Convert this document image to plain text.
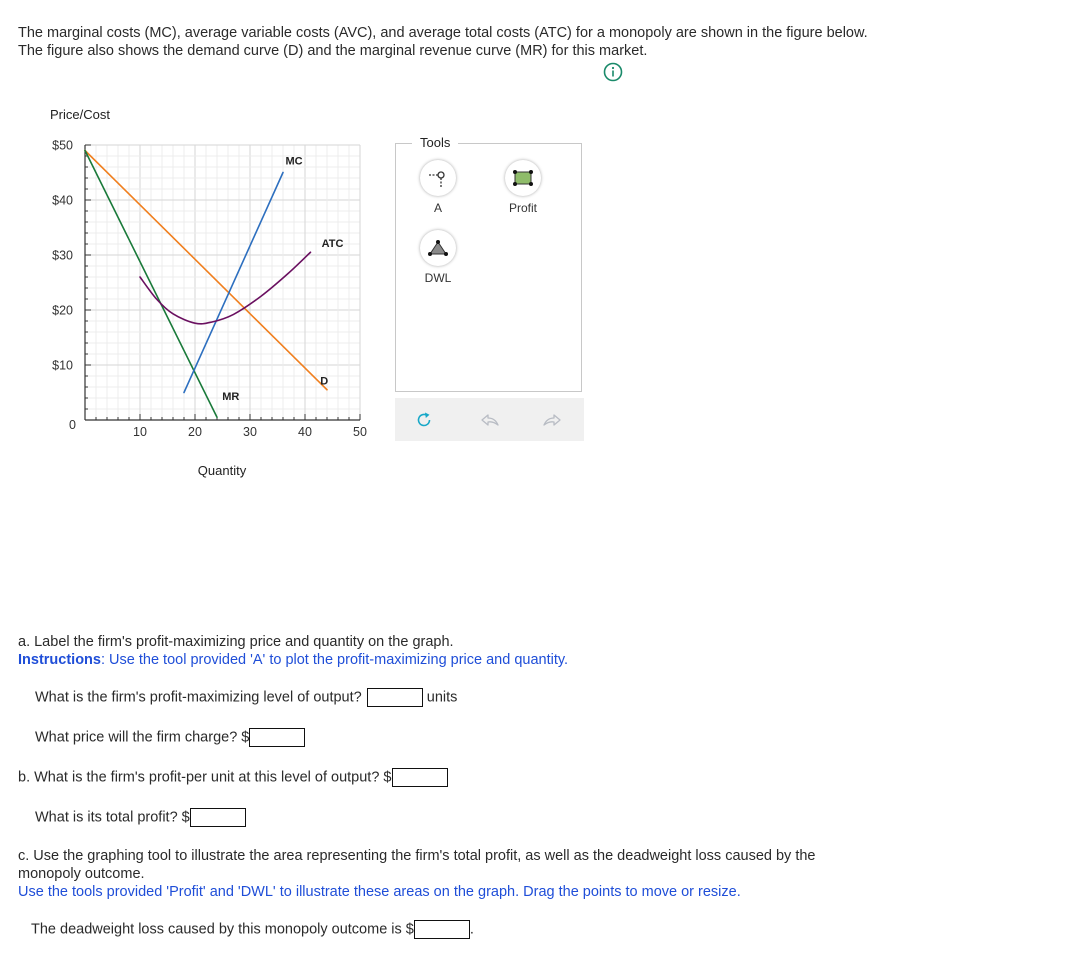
The marginal costs (MC), average variable costs (AVC), and average total costs (ATC) for a monopoly are shown in the figure below.
The figure also shows the demand curve (D) and the marginal revenue curve (MR) for this market.
Price/Cost
Quantity
0
$50
$40
$30
$20
$10
10	20	30	40	50
MC
ATC
D
MR
Tools
A	Profit
DWL
a. Label the firm's profit-maximizing price and quantity on the graph.
Instructions: Use the tool provided 'A' to plot the profit-maximizing price and quantity.
What is the firm's profit-maximizing level of output?	units
What price will the firm charge? $
b. What is the firm's profit-per unit at this level of output? $
What is its total profit? $
c. Use the graphing tool to illustrate the area representing the firm's total profit, as well as the deadweight loss caused by the
monopoly outcome.
Use the tools provided 'Profit' and 'DWL' to illustrate these areas on the graph. Drag the points to move or resize.
The deadweight loss caused by this monopoly outcome is $	.
